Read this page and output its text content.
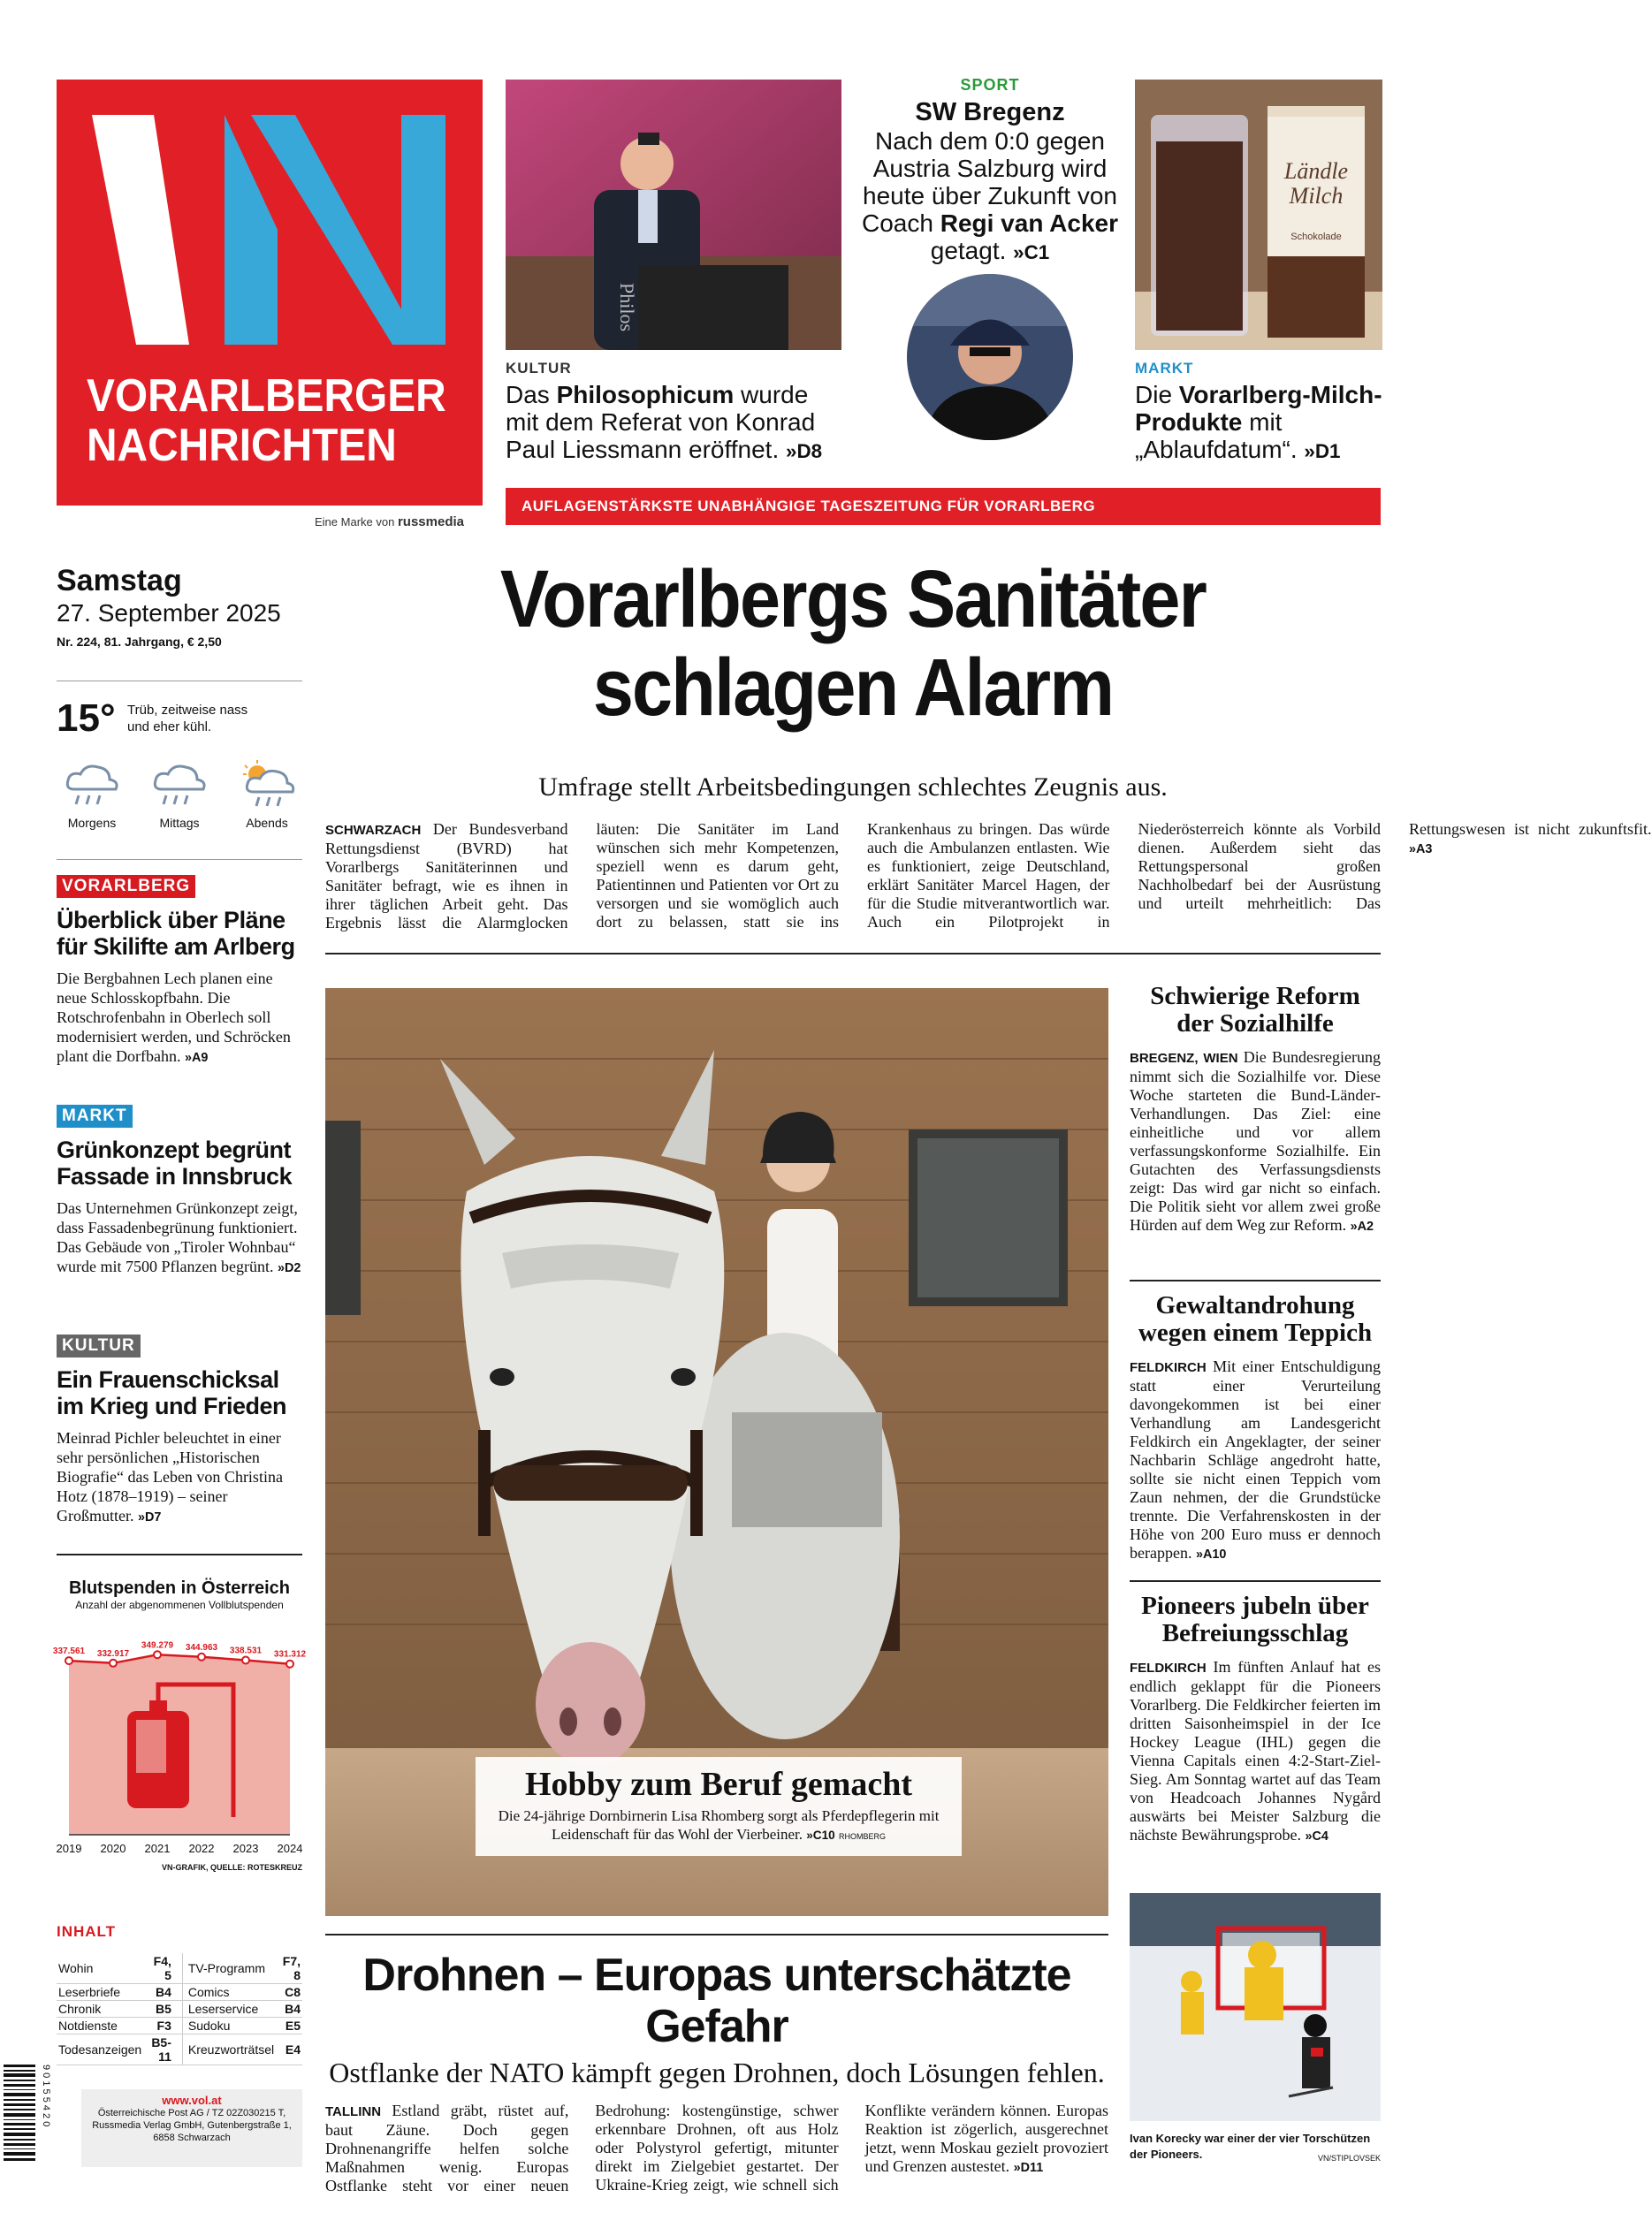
VORARLBERGER
NACHRICHTEN
Eine Marke von russmedia
Philos
KULTUR
Das Philosophicum wurde mit dem Referat von Konrad Paul Liessmann eröffnet. »D8
SPORT
SW Bregenz
Nach dem 0:0 gegen Austria Salzburg wird heute über Zukunft von Coach Regi van Acker getagt. »C1
Ländle Milch
Schokolade
MARKT
Die Vorarlberg-Milch-Produkte mit „Ablaufdatum“. »D1
AUFLAGENSTÄRKSTE UNABHÄNGIGE TAGESZEITUNG FÜR VORARLBERG
Samstag
27. September 2025
Nr. 224, 81. Jahrgang, € 2,50
15° Trüb, zeitweise nass und eher kühl.
Morgens	Mittags	Abends
VORARLBERG
Überblick über Pläne für Skilifte am Arlberg
Die Bergbahnen Lech planen eine neue Schlosskopfbahn. Die Rotschrofenbahn in Oberlech soll modernisiert werden, und Schröcken plant die Dorfbahn. »A9
MARKT
Grünkonzept begrünt Fassade in Innsbruck
Das Unternehmen Grünkonzept zeigt, dass Fassadenbegrünung funktioniert. Das Gebäude von „Tiroler Wohnbau“ wurde mit 7500 Pflanzen begrünt. »D2
KULTUR
Ein Frauenschicksal im Krieg und Frieden
Meinrad Pichler beleuchtet in einer sehr persönlichen „Historischen Biografie“ das Leben von Christina Hotz (1878–1919) – seiner Großmutter. »D7
Blutspenden in Österreich
Anzahl der abgenommenen Vollblutspenden
337.561
2019
332.917
2020
349.279
2021
344.963
2022
338.531
2023
331.312
2024
VN-GRAFIK, QUELLE: ROTESKREUZ
INHALT
Wohin	F4, 5	TV-Programm	F7, 8
Leserbriefe	B4	Comics	C8
Chronik	B5	Leserservice	B4
Notdienste	F3	Sudoku	E5
Todesanzeigen	B5-11	Kreuzworträtsel	E4
9 0 1 5 5 4 2 0	www.vol.at
Österreichische Post AG / TZ 02Z030215 T,
Russmedia Verlag GmbH, Gutenbergstraße 1,
6858 Schwarzach
Vorarlbergs Sanitäter
schlagen Alarm
Umfrage stellt Arbeitsbedingungen schlechtes Zeugnis aus.
SCHWARZACH Der Bundesverband Rettungsdienst (BVRD) hat Vorarlbergs Sanitäterinnen und Sanitäter befragt, wie es ihnen in ihrer täglichen Arbeit geht. Das Ergebnis lässt die Alarmglocken läuten: Die Sanitäter im Land wünschen sich mehr Kompetenzen, speziell wenn es darum geht, Patientinnen und Patienten vor Ort zu versorgen und sie womöglich auch dort zu belassen, statt sie ins Krankenhaus zu bringen. Das würde auch die Ambulanzen entlasten. Wie es funktioniert, zeige Deutschland, erklärt Sanitäter Marcel Hagen, der für die Studie mitverantwortlich war. Auch ein Pilotprojekt in Niederösterreich könnte als Vorbild dienen. Außerdem sieht das Rettungspersonal großen Nachholbedarf bei der Ausrüstung und urteilt mehrheitlich: Das Rettungswesen ist nicht zukunftsfit. »A3
Hobby zum Beruf gemacht
Die 24-jährige Dornbirnerin Lisa Rhomberg sorgt als Pferdepflegerin mit Leidenschaft für das Wohl der Vierbeiner. »C10 RHOMBERG
Schwierige Reform der Sozialhilfe
BREGENZ, WIEN Die Bundesregierung nimmt sich die Sozialhilfe vor. Diese Woche starteten die Bund-Länder-Verhandlungen. Das Ziel: eine einheitliche und vor allem verfassungskonforme Sozialhilfe. Ein Gutachten des Verfassungsdiensts zeigt: Das wird gar nicht so einfach. Die Politik sieht vor allem zwei große Hürden auf dem Weg zur Reform. »A2
Gewaltandrohung wegen einem Teppich
FELDKIRCH Mit einer Entschuldigung statt einer Verurteilung davongekommen ist bei einer Verhandlung am Landesgericht Feldkirch ein Angeklagter, der seiner Nachbarin Schläge angedroht hatte, sollte sie nicht einen Teppich vom Zaun nehmen, der die Grundstücke trennte. Die Verfahrenskosten in der Höhe von 200 Euro muss er dennoch berappen. »A10
Pioneers jubeln über Befreiungsschlag
FELDKIRCH Im fünften Anlauf hat es endlich geklappt für die Pioneers Vorarlberg. Die Feldkircher feierten im dritten Saisonheimspiel in der Ice Hockey League (IHL) gegen die Vienna Capitals einen 4:2-Start-Ziel-Sieg. Am Sonntag wartet auf das Team von Headcoach Johannes Nygård auswärts bei Meister Salzburg die nächste Bewährungsprobe. »C4
Ivan Korecky war einer der vier Torschützen der Pioneers.	VN/STIPLOVSEK
Drohnen – Europas unterschätzte Gefahr
Ostflanke der NATO kämpft gegen Drohnen, doch Lösungen fehlen.
TALLINN Estland gräbt, rüstet auf, baut Zäune. Doch gegen Drohnenangriffe helfen solche Maßnahmen wenig. Europas Ostflanke steht vor einer neuen Bedrohung: kostengünstige, schwer erkennbare Drohnen, oft aus Holz oder Polystyrol gefertigt, mitunter direkt im Zielgebiet gestartet. Der Ukraine-Krieg zeigt, wie schnell sich Konflikte verändern können. Europas Reaktion ist zögerlich, ausgerechnet jetzt, wenn Moskau gezielt provoziert und Grenzen austestet. »D11
